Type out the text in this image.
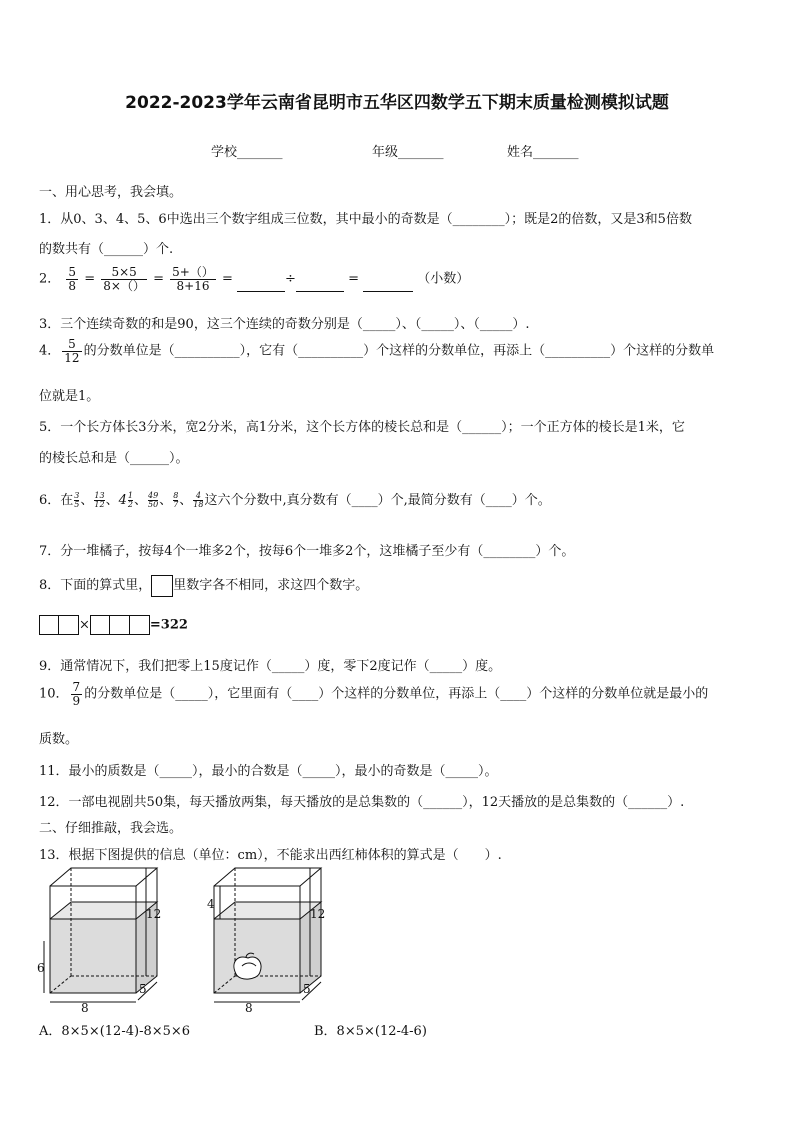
2022-2023学年云南省昆明市五华区四数学五下期末质量检测模拟试题
学校_______	年级_______	姓名_______
一、用心思考，我会填。
1．从0、3、4、5、6中选出三个数字组成三位数，其中最小的奇数是（________）；既是2的倍数，又是3和5倍数
的数共有（______）个.
2． $\frac{5}{8} = \frac{5\times 5}{8\times()} = \frac{5+()}{8+16}$ =	÷	=	（小数）
3．三个连续奇数的和是90，这三个连续的奇数分别是（_____）、（_____）、（_____）.
4． $\frac{5}{12}$ 的分数单位是（__________），它有（__________）个这样的分数单位，再添上（__________）个这样的分数单
位就是1。
5．一个长方体长3分米，宽2分米，高1分米，这个长方体的棱长总和是（______）；一个正方体的棱长是1米，它
的棱长总和是（______）。
6．在 $\frac{3}{5}$ 、 $\frac{13}{12}$ 、$4 \frac{1}{2}$ 、 $\frac{49}{50}$ 、 $\frac{8}{7}$ 、 $\frac{4}{18}$ 这六个分数中,真分数有（____）个,最简分数有（____）个。
7．分一堆橘子，按每4个一堆多2个，按每6个一堆多2个，这堆橘子至少有（________）个。
8．下面的算式里， 里数字各不相同，求这四个数字。
×	=322
9．通常情况下，我们把零上15度记作（_____）度，零下2度记作（_____）度。
10． $\frac{7}{9}$ 的分数单位是（_____），它里面有（____）个这样的分数单位，再添上（____）个这样的分数单位就是最小的
质数。
11．最小的质数是（_____），最小的合数是（_____），最小的奇数是（_____）。
12．一部电视剧共50集，每天播放两集，每天播放的是总集数的（______），12天播放的是总集数的（______）.
二、仔细推敲，我会选。
13．根据下图提供的信息（单位：cm），不能求出西红柿体积的算式是（　　）.
12
6
8
5
12
4
8
5
A．8×5×(12-4)-8×5×6	B．8×5×(12-4-6)
